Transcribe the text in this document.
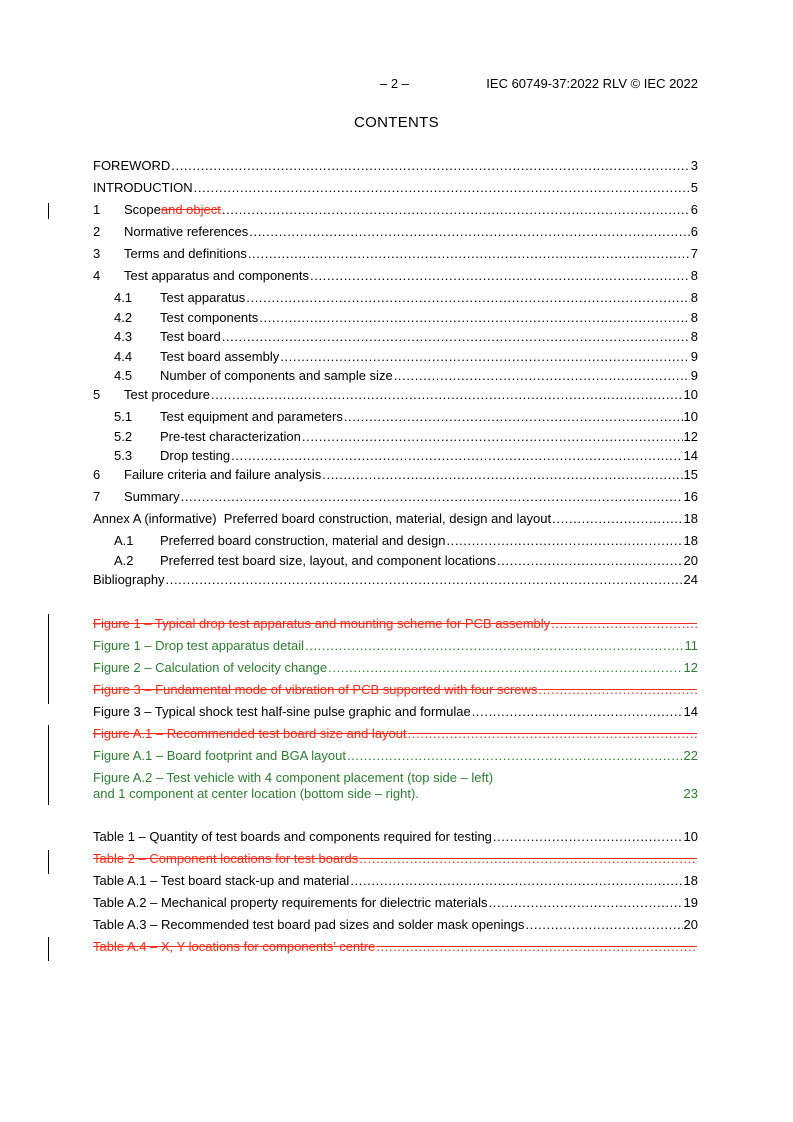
– 2 –	IEC 60749-37:2022 RLV © IEC 2022
CONTENTS
FOREWORD .....	3
INTRODUCTION .....	5
1	Scope and object .....	6
2	Normative references .....	6
3	Terms and definitions .....	7
4	Test apparatus and components .....	8
4.1	Test apparatus .....	8
4.2	Test components .....	8
4.3	Test board .....	8
4.4	Test board assembly .....	9
4.5	Number of components and sample size .....	9
5	Test procedure .....	10
5.1	Test equipment and parameters .....	10
5.2	Pre-test characterization .....	12
5.3	Drop testing .....	14
6	Failure criteria and failure analysis .....	15
7	Summary .....	16
Annex A (informative)  Preferred board construction, material, design and layout .....	18
A.1	Preferred board construction, material and design .....	18
A.2	Preferred test board size, layout, and component locations .....	20
Bibliography .....	24
Figure 1 – Typical drop test apparatus and mounting scheme for PCB assembly
.....
Figure 1 – Drop test apparatus detail .....	11
Figure 2 – Calculation of velocity change .....	12
Figure 3 – Fundamental mode of vibration of PCB supported with four screws
.....
Figure 3 – Typical shock test half-sine pulse graphic and formulae .....	14
Figure A.1 – Recommended test board size and layout
.....
Figure A.1 – Board footprint and BGA layout .....	22
Figure A.2 – Test vehicle with 4 component placement (top side – left)
and 1 component at center location (bottom side – right).	23
Table 1 – Quantity of test boards and components required for testing .....	10
Table 2 – Component locations for test boards
.....
Table A.1 – Test board stack-up and material .....	18
Table A.2 – Mechanical property requirements for dielectric materials .....	19
Table A.3 – Recommended test board pad sizes and solder mask openings .....	20
Table A.4 – X, Y locations for components’ centre
.....
